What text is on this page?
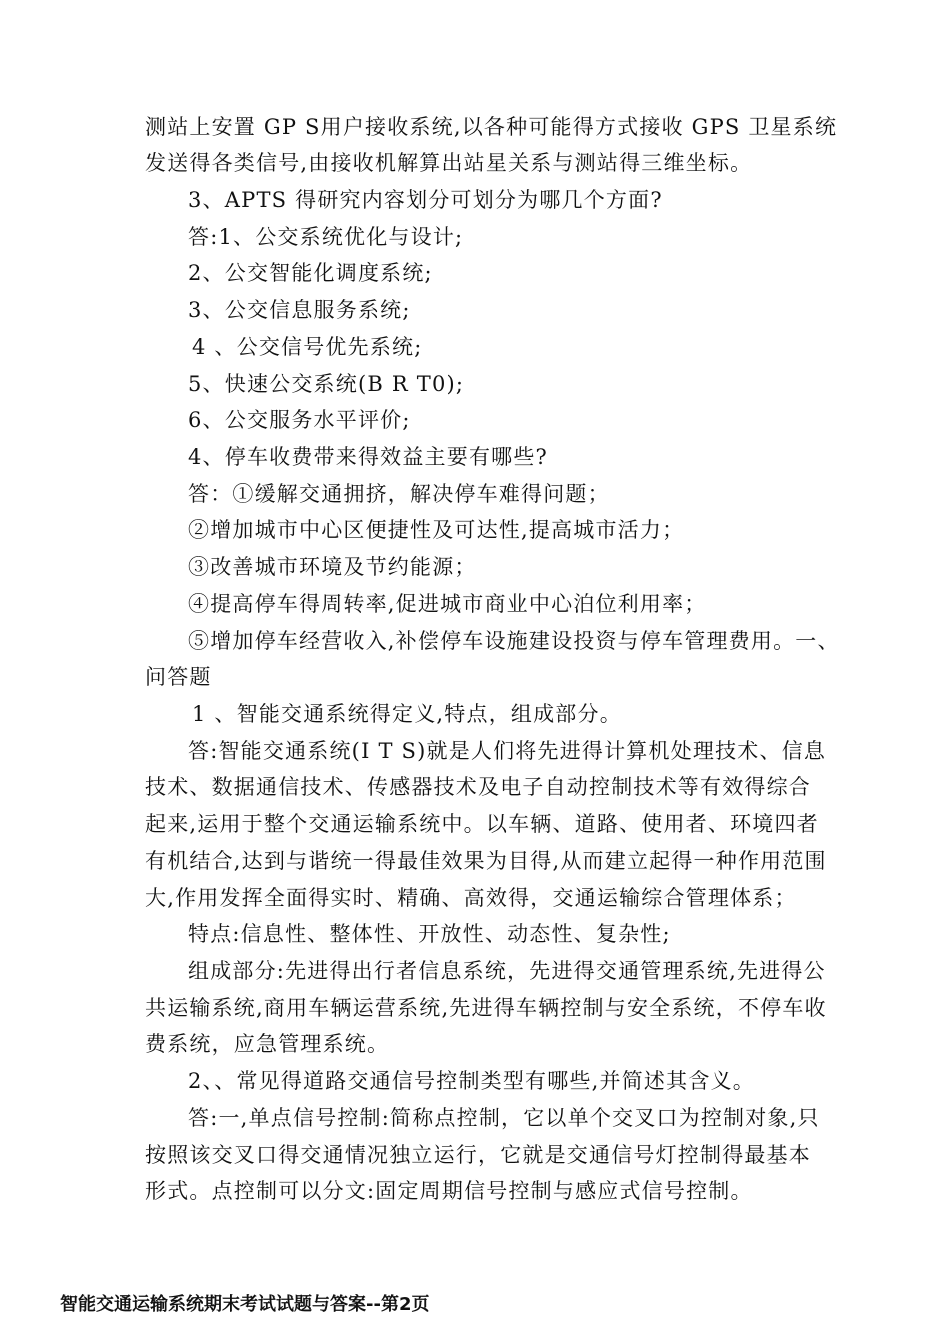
测站上安置 GP S用户接收系统,以各种可能得方式接收 GPS 卫星系统
发送得各类信号,由接收机解算出站星关系与测站得三维坐标。
3、APTS 得研究内容划分可划分为哪几个方面?
答:1、公交系统优化与设计;
2、公交智能化调度系统;
3、公交信息服务系统;
4 、公交信号优先系统;
5、快速公交系统(B R T0);
6、公交服务水平评价;
4、停车收费带来得效益主要有哪些?
答：①缓解交通拥挤，解决停车难得问题；
②增加城市中心区便捷性及可达性,提高城市活力；
③改善城市环境及节约能源；
④提高停车得周转率,促进城市商业中心泊位利用率；
⑤增加停车经营收入,补偿停车设施建设投资与停车管理费用。一、
问答题
1 、智能交通系统得定义,特点，组成部分。
答:智能交通系统(I T S)就是人们将先进得计算机处理技术、信息
技术、数据通信技术、传感器技术及电子自动控制技术等有效得综合
起来,运用于整个交通运输系统中。以车辆、道路、使用者、环境四者
有机结合,达到与谐统一得最佳效果为目得,从而建立起得一种作用范围
大,作用发挥全面得实时、精确、高效得，交通运输综合管理体系；
特点:信息性、整体性、开放性、动态性、复杂性;
组成部分:先进得出行者信息系统，先进得交通管理系统,先进得公
共运输系统,商用车辆运营系统,先进得车辆控制与安全系统，不停车收
费系统，应急管理系统。
2、、常见得道路交通信号控制类型有哪些,并简述其含义。
答:一,单点信号控制:简称点控制，它以单个交叉口为控制对象,只
按照该交叉口得交通情况独立运行，它就是交通信号灯控制得最基本
形式。点控制可以分文:固定周期信号控制与感应式信号控制。
智能交通运输系统期末考试试题与答案--第2页
